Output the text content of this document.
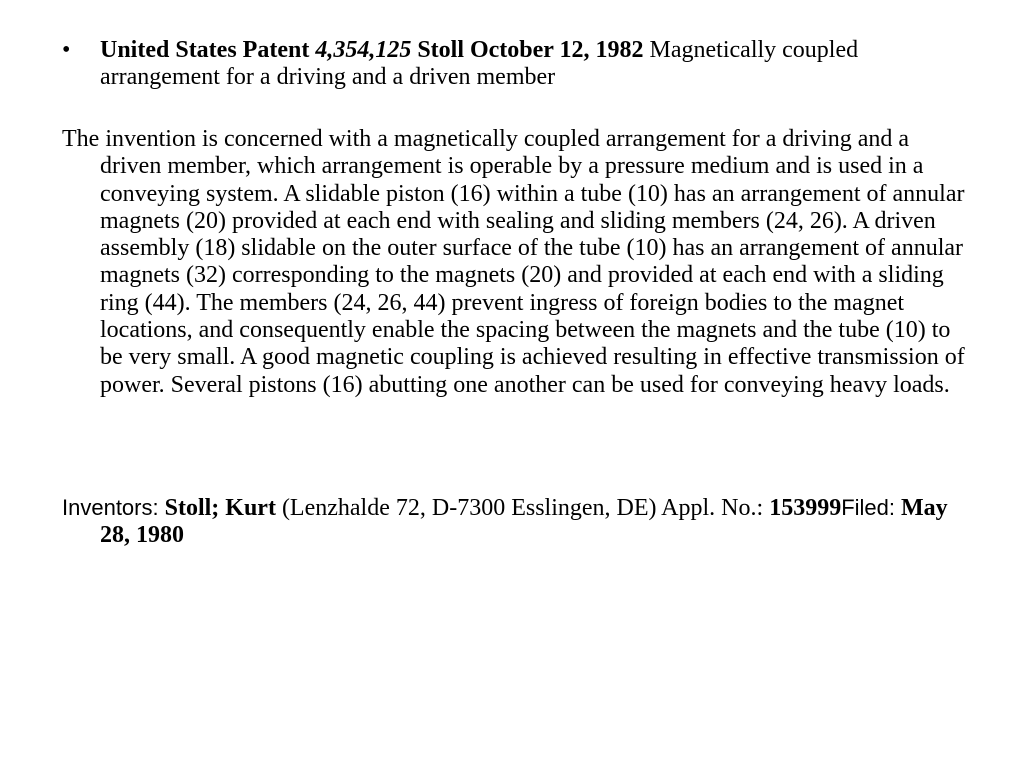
• United States Patent 4,354,125 Stoll October 12, 1982 Magnetically coupled arrangement for a driving and a driven member
The invention is concerned with a magnetically coupled arrangement for a driving and a driven member, which arrangement is operable by a pressure medium and is used in a conveying system. A slidable piston (16) within a tube (10) has an arrangement of annular magnets (20) provided at each end with sealing and sliding members (24, 26). A driven assembly (18) slidable on the outer surface of the tube (10) has an arrangement of annular magnets (32) corresponding to the magnets (20) and provided at each end with a sliding ring (44). The members (24, 26, 44) prevent ingress of foreign bodies to the magnet locations, and consequently enable the spacing between the magnets and the tube (10) to be very small. A good magnetic coupling is achieved resulting in effective transmission of power. Several pistons (16) abutting one another can be used for conveying heavy loads.
Inventors: Stoll; Kurt (Lenzhalde 72, D-7300 Esslingen, DE) Appl. No.: 153999Filed: May 28, 1980
